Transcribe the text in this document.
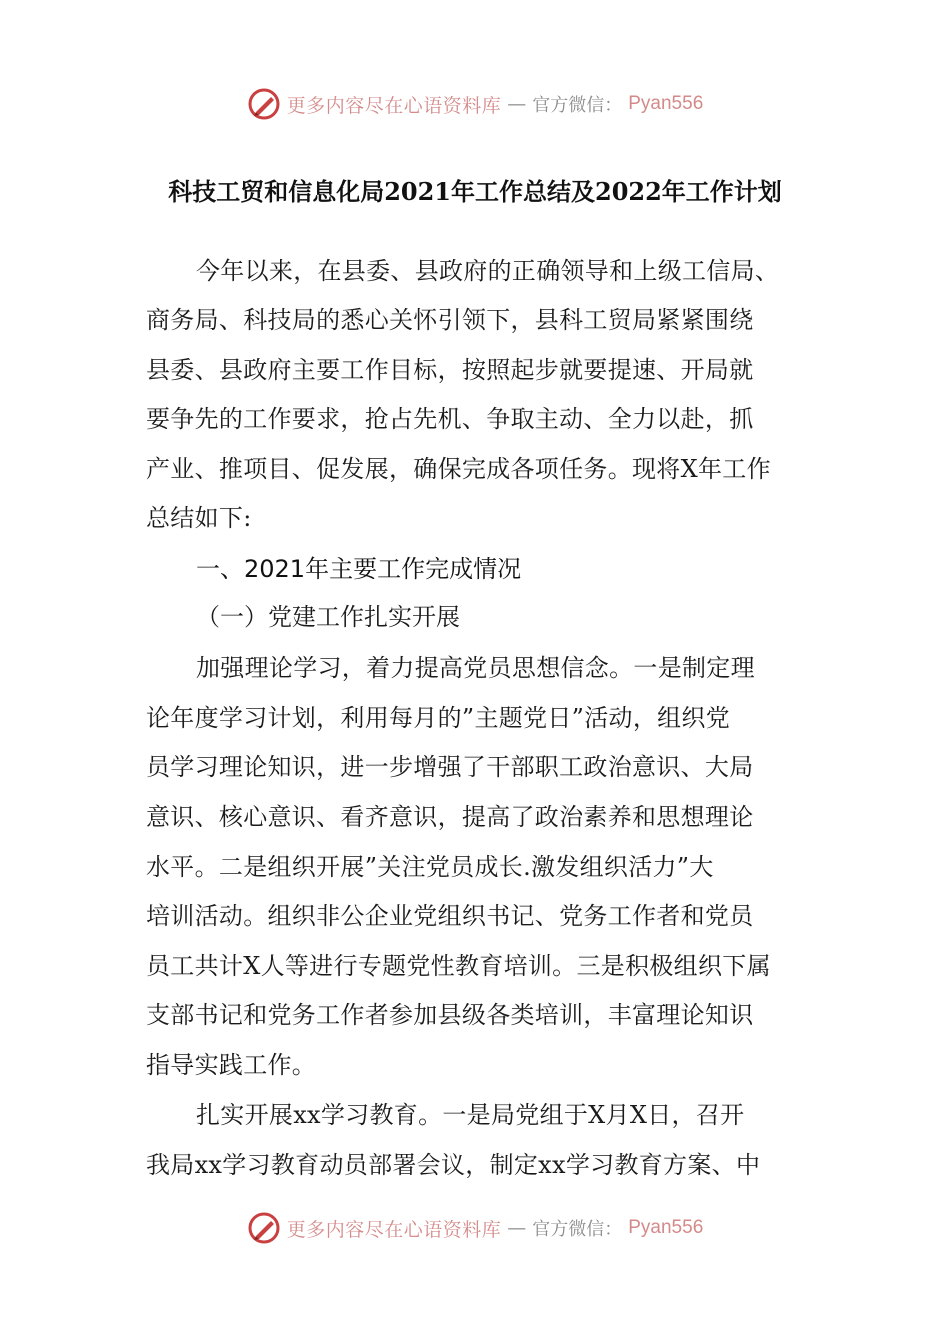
更多内容尽在心语资料库 — 官方微信： Pyan556
科技工贸和信息化局2021年工作总结及2022年工作计划
今年以来，在县委、县政府的正确领导和上级工信局、
商务局、科技局的悉心关怀引领下，县科工贸局紧紧围绕
县委、县政府主要工作目标，按照起步就要提速、开局就
要争先的工作要求，抢占先机、争取主动、全力以赴，抓
产业、推项目、促发展，确保完成各项任务。现将X年工作
总结如下:
一、2021年主要工作完成情况
（一）党建工作扎实开展
加强理论学习，着力提高党员思想信念。一是制定理
论年度学习计划，利用每月的”主题党日”活动，组织党
员学习理论知识，进一步增强了干部职工政治意识、大局
意识、核心意识、看齐意识，提高了政治素养和思想理论
水平。二是组织开展”关注党员成长.激发组织活力”大
培训活动。组织非公企业党组织书记、党务工作者和党员
员工共计X人等进行专题党性教育培训。三是积极组织下属
支部书记和党务工作者参加县级各类培训，丰富理论知识
指导实践工作。
扎实开展xx学习教育。一是局党组于X月X日，召开
我局xx学习教育动员部署会议，制定xx学习教育方案、中
更多内容尽在心语资料库 — 官方微信： Pyan556
